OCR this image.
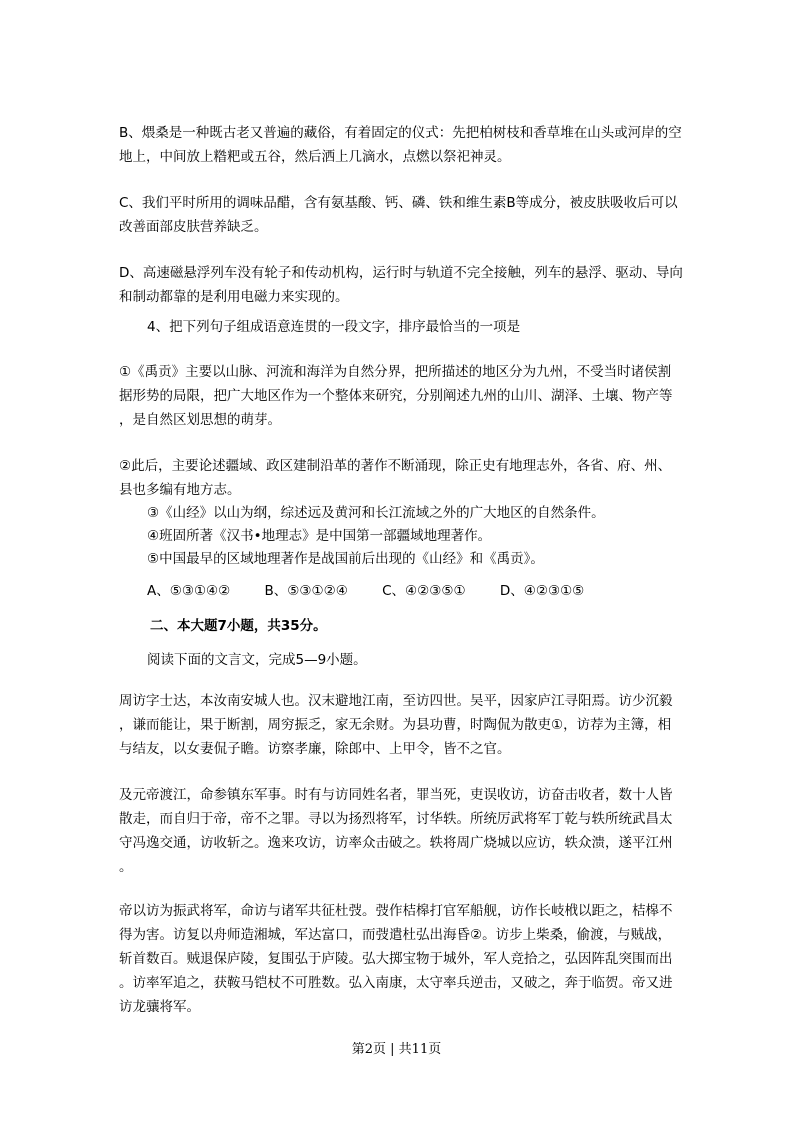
B、煨桑是一种既古老又普遍的藏俗，有着固定的仪式：先把柏树枝和香草堆在山头或河岸的空
地上，中间放上糌粑或五谷，然后洒上几滴水，点燃以祭祀神灵。

C、我们平时所用的调味品醋，含有氨基酸、钙、磷、铁和维生素B等成分，被皮肤吸收后可以
改善面部皮肤营养缺乏。

D、高速磁悬浮列车没有轮子和传动机构，运行时与轨道不完全接触，列车的悬浮、驱动、导向
和制动都靠的是利用电磁力来实现的。

4、把下列句子组成语意连贯的一段文字，排序最恰当的一项是

①《禹贡》主要以山脉、河流和海洋为自然分界，把所描述的地区分为九州，不受当时诸侯割
据形势的局限，把广大地区作为一个整体来研究，分别阐述九州的山川、湖泽、土壤、物产等
，是自然区划思想的萌芽。

②此后，主要论述疆域、政区建制沿革的著作不断涌现，除正史有地理志外，各省、府、州、
县也多编有地方志。

③《山经》以山为纲，综述远及黄河和长江流域之外的广大地区的自然条件。

④班固所著《汉书•地理志》是中国第一部疆域地理著作。

⑤中国最早的区域地理著作是战国前后出现的《山经》和《禹贡》。

A、⑤③①④②	B、⑤③①②④	C、④②③⑤①	D、④②③①⑤

二、本大题7小题，共35分。

阅读下面的文言文，完成5—9小题。

周访字士达，本汝南安城人也。汉末避地江南，至访四世。吴平，因家庐江寻阳焉。访少沉毅
，谦而能让，果于断割，周穷振乏，家无余财。为县功曹，时陶侃为散吏①，访荐为主簿，相
与结友，以女妻侃子瞻。访察孝廉，除郎中、上甲令，皆不之官。

及元帝渡江，命参镇东军事。时有与访同姓名者，罪当死，吏误收访，访奋击收者，数十人皆
散走，而自归于帝，帝不之罪。寻以为扬烈将军，讨华轶。所统厉武将军丁乾与轶所统武昌太
守冯逸交通，访收斩之。逸来攻访，访率众击破之。轶将周广烧城以应访，轶众溃，遂平江州
。

帝以访为振武将军，命访与诸军共征杜弢。弢作桔槔打官军船舰，访作长岐栰以距之，桔槔不
得为害。访复以舟师造湘城，军达富口，而弢遣杜弘出海昏②。访步上柴桑，偷渡，与贼战，
斩首数百。贼退保庐陵，复围弘于庐陵。弘大掷宝物于城外，军人竞拾之，弘因阵乱突围而出
。访率军追之，获鞍马铠杖不可胜数。弘入南康，太守率兵逆击，又破之，奔于临贺。帝又进
访龙骧将军。

第2页 | 共11页
